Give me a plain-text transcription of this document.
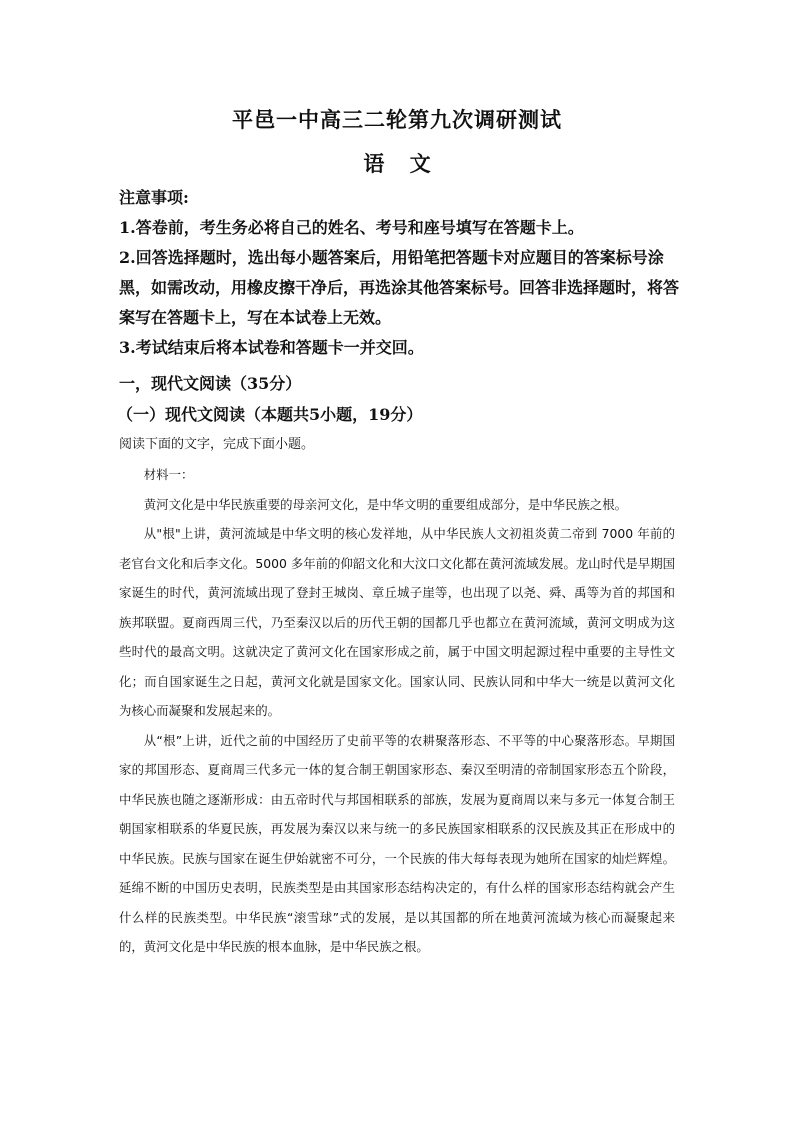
平邑一中高三二轮第九次调研测试
语 文

注意事项:

1.答卷前，考生务必将自己的姓名、考号和座号填写在答题卡上。

2.回答选择题时，选出每小题答案后，用铅笔把答题卡对应题目的答案标号涂黑，如需改动，用橡皮擦干净后，再选涂其他答案标号。回答非选择题时，将答案写在答题卡上，写在本试卷上无效。

3.考试结束后将本试卷和答题卡一并交回。

一，现代文阅读（35分）
（一）现代文阅读（本题共5小题，19分）
阅读下面的文字，完成下面小题。

材料一：

黄河文化是中华民族重要的母亲河文化，是中华文明的重要组成部分，是中华民族之根。

从"根"上讲，黄河流域是中华文明的核心发祥地，从中华民族人文初祖炎黄二帝到 7000 年前的老官台文化和后李文化。5000 多年前的仰韶文化和大汶口文化都在黄河流域发展。龙山时代是早期国家诞生的时代，黄河流域出现了登封王城岗、章丘城子崖等，也出现了以尧、舜、禹等为首的邦国和族邦联盟。夏商西周三代，乃至秦汉以后的历代王朝的国都几乎也都立在黄河流域，黄河文明成为这些时代的最高文明。这就决定了黄河文化在国家形成之前，属于中国文明起源过程中重要的主导性文化；而自国家诞生之日起，黄河文化就是国家文化。国家认同、民族认同和中华大一统是以黄河文化为核心而凝聚和发展起来的。

从“根”上讲，近代之前的中国经历了史前平等的农耕聚落形态、不平等的中心聚落形态。早期国家的邦国形态、夏商周三代多元一体的复合制王朝国家形态、秦汉至明清的帝制国家形态五个阶段，中华民族也随之逐渐形成：由五帝时代与邦国相联系的部族，发展为夏商周以来与多元一体复合制王朝国家相联系的华夏民族，再发展为秦汉以来与统一的多民族国家相联系的汉民族及其正在形成中的中华民族。民族与国家在诞生伊始就密不可分，一个民族的伟大每每表现为她所在国家的灿烂辉煌。延绵不断的中国历史表明，民族类型是由其国家形态结构决定的，有什么样的国家形态结构就会产生什么样的民族类型。中华民族“滚雪球”式的发展，是以其国都的所在地黄河流域为核心而凝聚起来的，黄河文化是中华民族的根本血脉，是中华民族之根。
